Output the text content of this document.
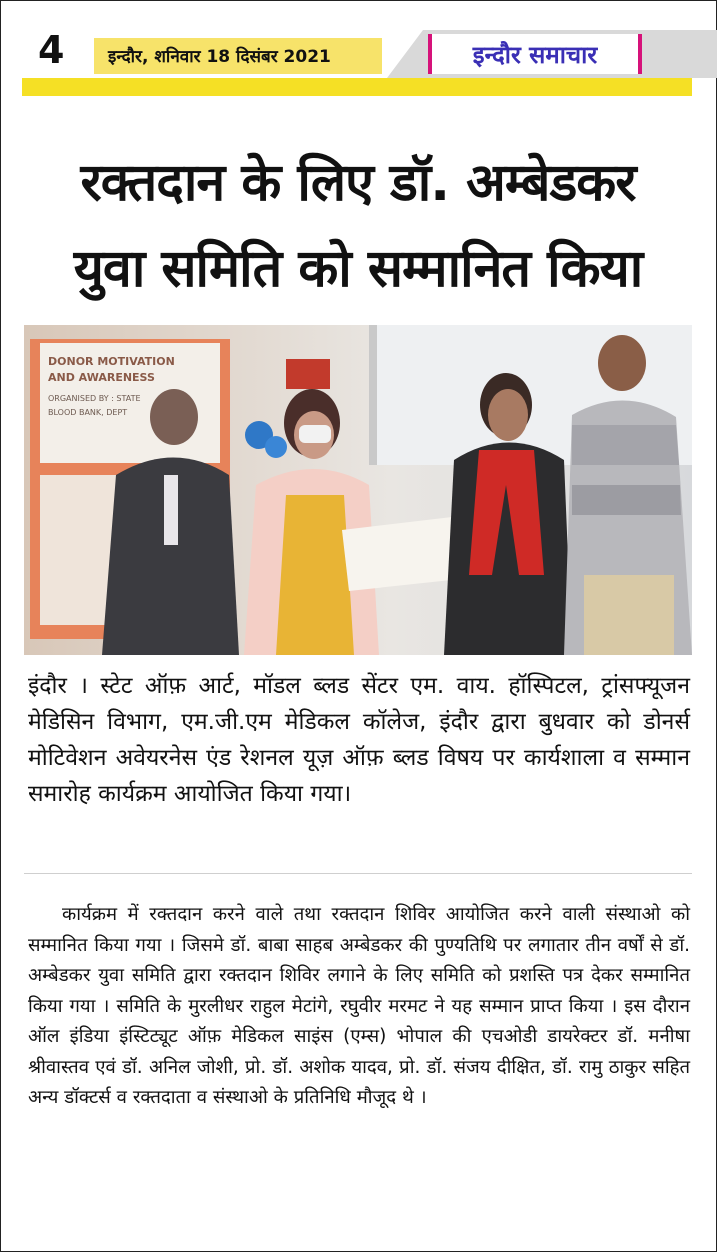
4	इन्दौर, शनिवार 18 दिसंबर 2021	इन्दौर समाचार
रक्तदान के लिए डॉ. अम्बेडकर
युवा समिति को सम्मानित किया
DONOR MOTIVATION
AND AWARENESS
ORGANISED BY : STATE
BLOOD BANK, DEPT
इंदौर । स्टेट ऑफ़ आर्ट, मॉडल ब्लड सेंटर एम. वाय. हॉस्पिटल, ट्रांसफ्यूजन मेडिसिन विभाग, एम.जी.एम मेडिकल कॉलेज, इंदौर द्वारा बुधवार को डोनर्स मोटिवेशन अवेयरनेस एंड रेशनल यूज़ ऑफ़ ब्लड विषय पर कार्यशाला व सम्मान समारोह कार्यक्रम आयोजित किया गया।
कार्यक्रम में रक्तदान करने वाले तथा रक्तदान शिविर आयोजित करने वाली संस्थाओ को सम्मानित किया गया । जिसमे डॉ. बाबा साहब अम्बेडकर की पुण्यतिथि पर लगातार तीन वर्षों से डॉ. अम्बेडकर युवा समिति द्वारा रक्तदान शिविर लगाने के लिए समिति को प्रशस्ति पत्र देकर सम्मानित किया गया । समिति के मुरलीधर राहुल मेटांगे, रघुवीर मरमट ने यह सम्मान प्राप्त किया । इस दौरान ऑल इंडिया इंस्टिट्यूट ऑफ़ मेडिकल साइंस (एम्स) भोपाल की एचओडी डायरेक्टर डॉ. मनीषा श्रीवास्तव एवं डॉ. अनिल जोशी, प्रो. डॉ. अशोक यादव, प्रो. डॉ. संजय दीक्षित, डॉ. रामु ठाकुर सहित अन्य डॉक्टर्स व रक्तदाता व संस्थाओ के प्रतिनिधि मौजूद थे ।
